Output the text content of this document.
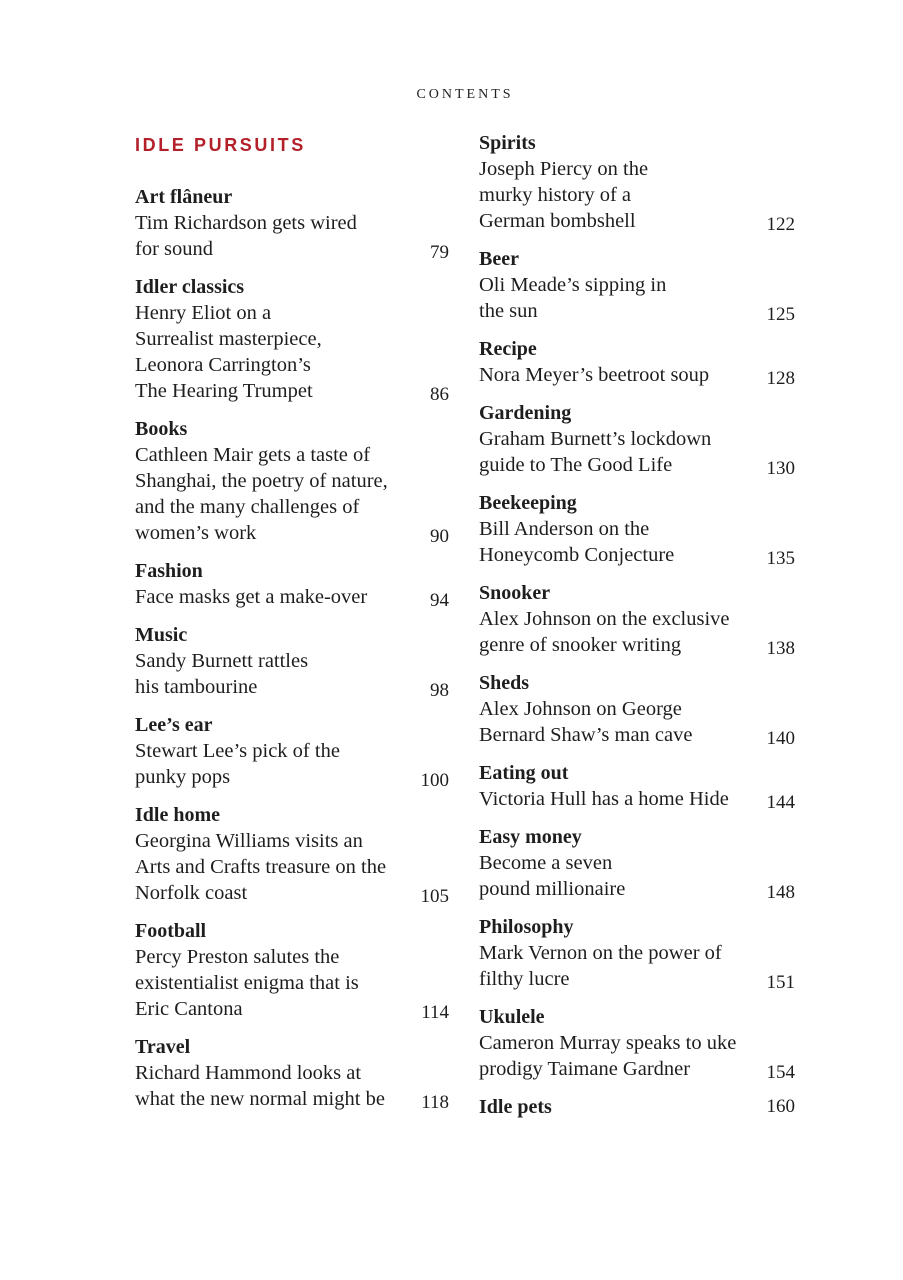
CONTENTS
IDLE PURSUITS
Art flâneur
Tim Richardson gets wired
for sound	79
Idler classics
Henry Eliot on a
Surrealist masterpiece,
Leonora Carrington’s
The Hearing Trumpet	86
Books
Cathleen Mair gets a taste of
Shanghai, the poetry of nature,
and the many challenges of
women’s work	90
Fashion
Face masks get a make-over	94
Music
Sandy Burnett rattles
his tambourine	98
Lee’s ear
Stewart Lee’s pick of the
punky pops	100
Idle home
Georgina Williams visits an
Arts and Crafts treasure on the
Norfolk coast	105
Football
Percy Preston salutes the
existentialist enigma that is
Eric Cantona	114
Travel
Richard Hammond looks at
what the new normal might be	118
Spirits
Joseph Piercy on the
murky history of a
German bombshell	122
Beer
Oli Meade’s sipping in
the sun	125
Recipe
Nora Meyer’s beetroot soup	128
Gardening
Graham Burnett’s lockdown
guide to The Good Life	130
Beekeeping
Bill Anderson on the
Honeycomb Conjecture	135
Snooker
Alex Johnson on the exclusive
genre of snooker writing	138
Sheds
Alex Johnson on George
Bernard Shaw’s man cave	140
Eating out
Victoria Hull has a home Hide	144
Easy money
Become a seven
pound millionaire	148
Philosophy
Mark Vernon on the power of
filthy lucre	151
Ukulele
Cameron Murray speaks to uke
prodigy Taimane Gardner	154
Idle pets	160
